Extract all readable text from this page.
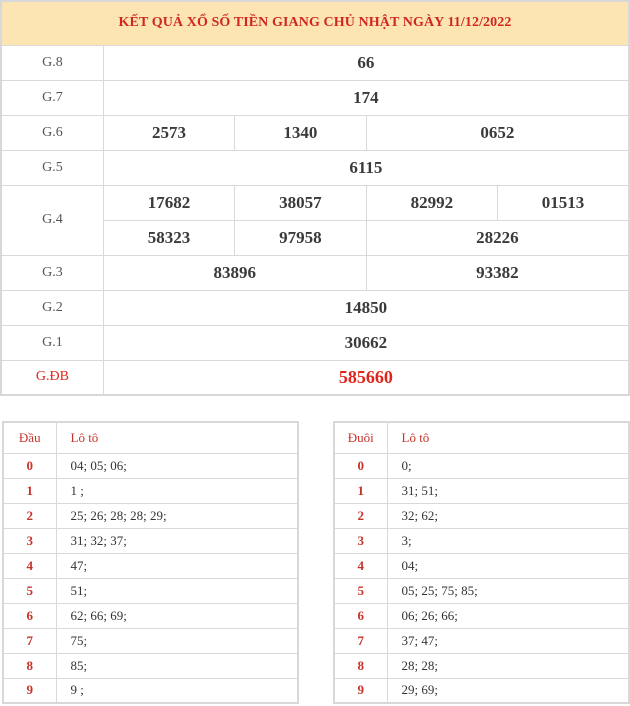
KẾT QUẢ XỔ SỐ TIỀN GIANG CHỦ NHẬT NGÀY 11/12/2022				
G.8	66			
G.7	174			
G.6	2573	1340	0652	
G.5	6115			
G.4	17682	38057	82992	01513
	58323	97958	28226	
G.3	83896		93382	
G.2	14850			
G.1	30662			
G.ĐB	585660			
Đầu	Lô tô
0	04; 05; 06;
1	1 ;
2	25; 26; 28; 28; 29;
3	31; 32; 37;
4	47;
5	51;
6	62; 66; 69;
7	75;
8	85;
9	9 ;
Đuôi	Lô tô
0	0;
1	31; 51;
2	32; 62;
3	3;
4	04;
5	05; 25; 75; 85;
6	06; 26; 66;
7	37; 47;
8	28; 28;
9	29; 69;
